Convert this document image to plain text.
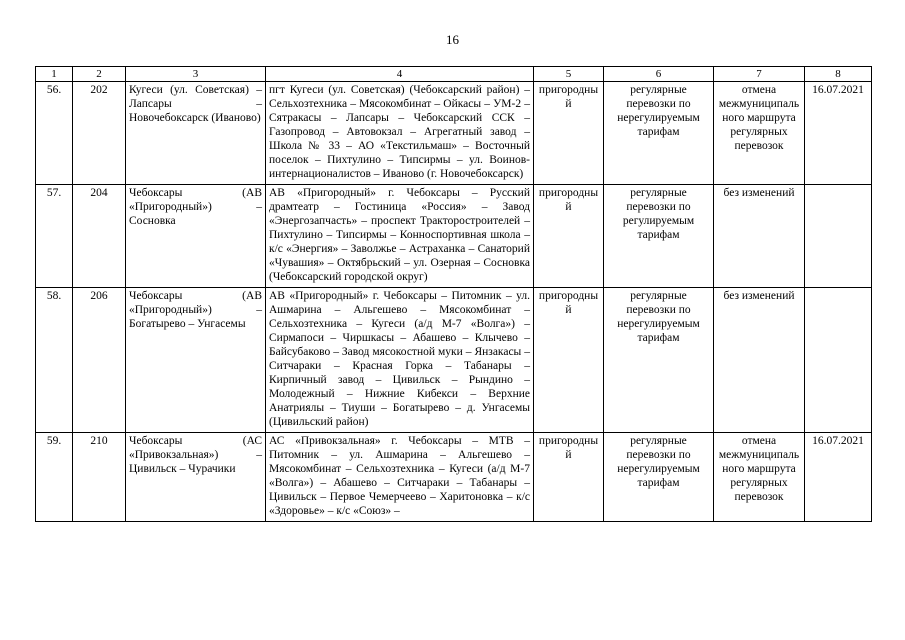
16
1	2	3	4	5	6	7	8
56.	202	Кугеси (ул. Советская) – Лапсары – Новочебоксарск (Иваново)	пгт Кугеси (ул. Советская) (Чебоксарский район) – Сельхозтехника – Мясокомбинат – Ойкасы – УМ-2 – Сятракасы – Лапсары – Чебоксарский ССК – Газопровод – Автовокзал – Агрегатный завод – Школа № 33 – АО «Текстильмаш» – Восточный поселок – Пихтулино – Типсирмы – ул. Воинов-интернационалистов – Иваново (г. Новочебоксарск)	пригородный	регулярные перевозки по нерегулируемым тарифам	отмена межмуниципального маршрута регулярных перевозок	16.07.2021
57.	204	Чебоксары (АВ «Пригородный») – Сосновка	АВ «Пригородный» г. Чебоксары – Русский драмтеатр – Гостиница «Россия» – Завод «Энергозапчасть» – проспект Тракторостроителей – Пихтулино – Типсирмы – Конноспортивная школа – к/с «Энергия» – Заволжье – Астраханка – Санаторий «Чувашия» – Октябрьский – ул. Озерная – Сосновка (Чебоксарский городской округ)	пригородный	регулярные перевозки по регулируемым тарифам	без изменений	
58.	206	Чебоксары (АВ «Пригородный») – Богатырево – Унгасемы	АВ «Пригородный» г. Чебоксары – Питомник – ул. Ашмарина – Альгешево – Мясокомбинат – Сельхозтехника – Кугеси (а/д М-7 «Волга») – Сирмапоси – Чиршкасы – Абашево – Клычево – Байсубаково – Завод мясокостной муки – Янзакасы – Ситчараки – Красная Горка – Табанары – Кирпичный завод – Цивильск – Рындино – Молодежный – Нижние Кибекси – Верхние Анатриялы – Тиуши – Богатырево – д. Унгасемы (Цивильский район)	пригородный	регулярные перевозки по нерегулируемым тарифам	без изменений	
59.	210	Чебоксары (АС «Привокзальная») – Цивильск – Чурачики	АС «Привокзальная» г. Чебоксары – МТВ – Питомник – ул. Ашмарина – Альгешево – Мясокомбинат – Сельхозтехника – Кугеси (а/д М-7 «Волга») – Абашево – Ситчараки – Табанары – Цивильск – Первое Чемерчеево – Харитоновка – к/с «Здоровье» – к/с «Союз» –	пригородный	регулярные перевозки по нерегулируемым тарифам	отмена межмуниципального маршрута регулярных перевозок	16.07.2021
